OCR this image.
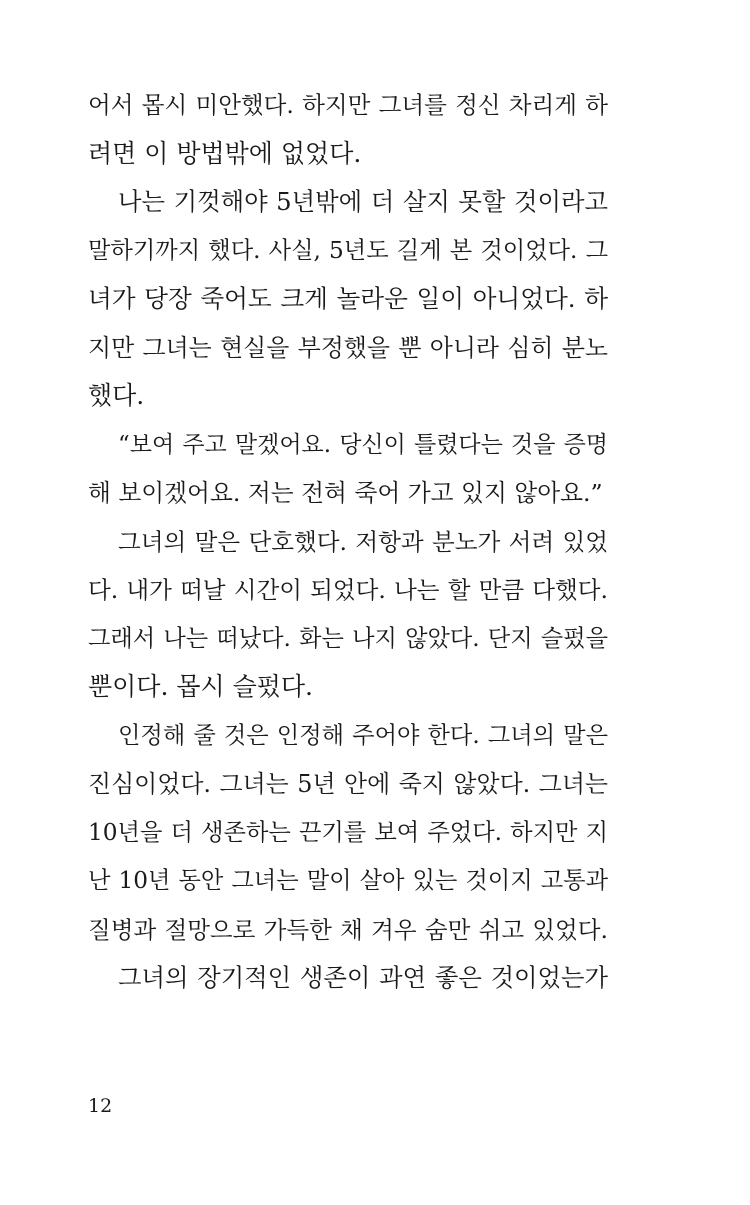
어서 몹시 미안했다. 하지만 그녀를 정신 차리게 하
려면 이 방법밖에 없었다.
나는 기껏해야 5년밖에 더 살지 못할 것이라고
말하기까지 했다. 사실, 5년도 길게 본 것이었다. 그
녀가 당장 죽어도 크게 놀라운 일이 아니었다. 하
지만 그녀는 현실을 부정했을 뿐 아니라 심히 분노
했다.
“보여 주고 말겠어요. 당신이 틀렸다는 것을 증명
해 보이겠어요. 저는 전혀 죽어 가고 있지 않아요.”
그녀의 말은 단호했다. 저항과 분노가 서려 있었
다. 내가 떠날 시간이 되었다. 나는 할 만큼 다했다.
그래서 나는 떠났다. 화는 나지 않았다. 단지 슬펐을
뿐이다. 몹시 슬펐다.
인정해 줄 것은 인정해 주어야 한다. 그녀의 말은
진심이었다. 그녀는 5년 안에 죽지 않았다. 그녀는
10년을 더 생존하는 끈기를 보여 주었다. 하지만 지
난 10년 동안 그녀는 말이 살아 있는 것이지 고통과
질병과 절망으로 가득한 채 겨우 숨만 쉬고 있었다.
그녀의 장기적인 생존이 과연 좋은 것이었는가
12
